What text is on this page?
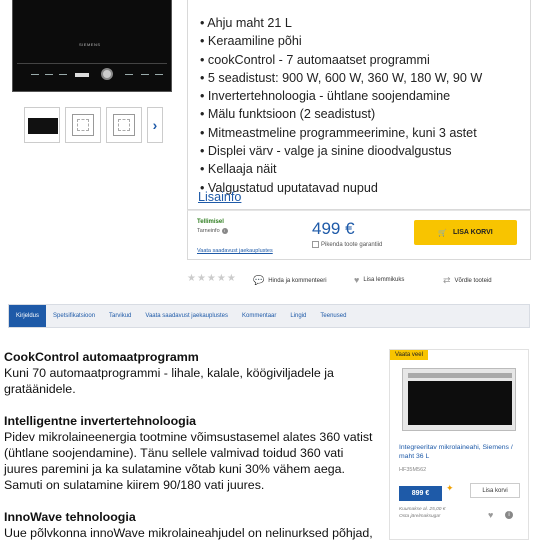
SIEMENS
›
• Ahju maht 21 L
• Keraamiline põhi
• cookControl - 7 automaatset programmi
• 5 seadistust: 900 W, 600 W, 360 W, 180 W, 90 W
• Invertertehnoloogia - ühtlane soojendamine
• Mälu funktsioon (2 seadistust)
• Mitmeastmeline programmeerimine, kuni 3 astet
• Displei värv - valge ja sinine dioodvalgustus
• Kellaaja näit
• Valgustatud uputatavad nupud
Lisainfo
Tellimisel
Tarneinfo i
Vaata saadavust jaekauplustes
499 €
Pikenda toote garantiid
🛒 LISA KORVI
★★★★★ 💬 Hinda ja kommenteeri	♥ Lisa lemmikuks	⇄ Võrdle tooteid
Kirjeldus	Spetsifikatsioon	Tarvikud	Vaata saadavust jaekauplustes	Kommentaar	Lingid	Teenused
CookControl automaatprogramm

Kuni 70 automaatprogrammi - lihale, kalale, köögiviljadele ja gratäänidele.

Intelligentne invertertehnoloogia

Pidev mikrolaineenergia tootmine võimsustasemel alates 360 vatist (ühtlane soojendamine). Tänu sellele valmivad toidud 360 vati juures paremini ja ka sulatamine võtab kuni 30% vähem aega. Samuti on sulatamine kiirem 90/180 vati juures.

InnoWave tehnoloogia

Uue põlvkonna innoWave mikrolaineahjudel on nelinurksed põhjad,

Vaata veel
Integreeritav mikrolaineahi, Siemens / maht 36 L
HF35M562
899 €
✦	Lisa korvi
Kuumakse al. 25,00 €
Osta järelmaksuga!	♥	i
